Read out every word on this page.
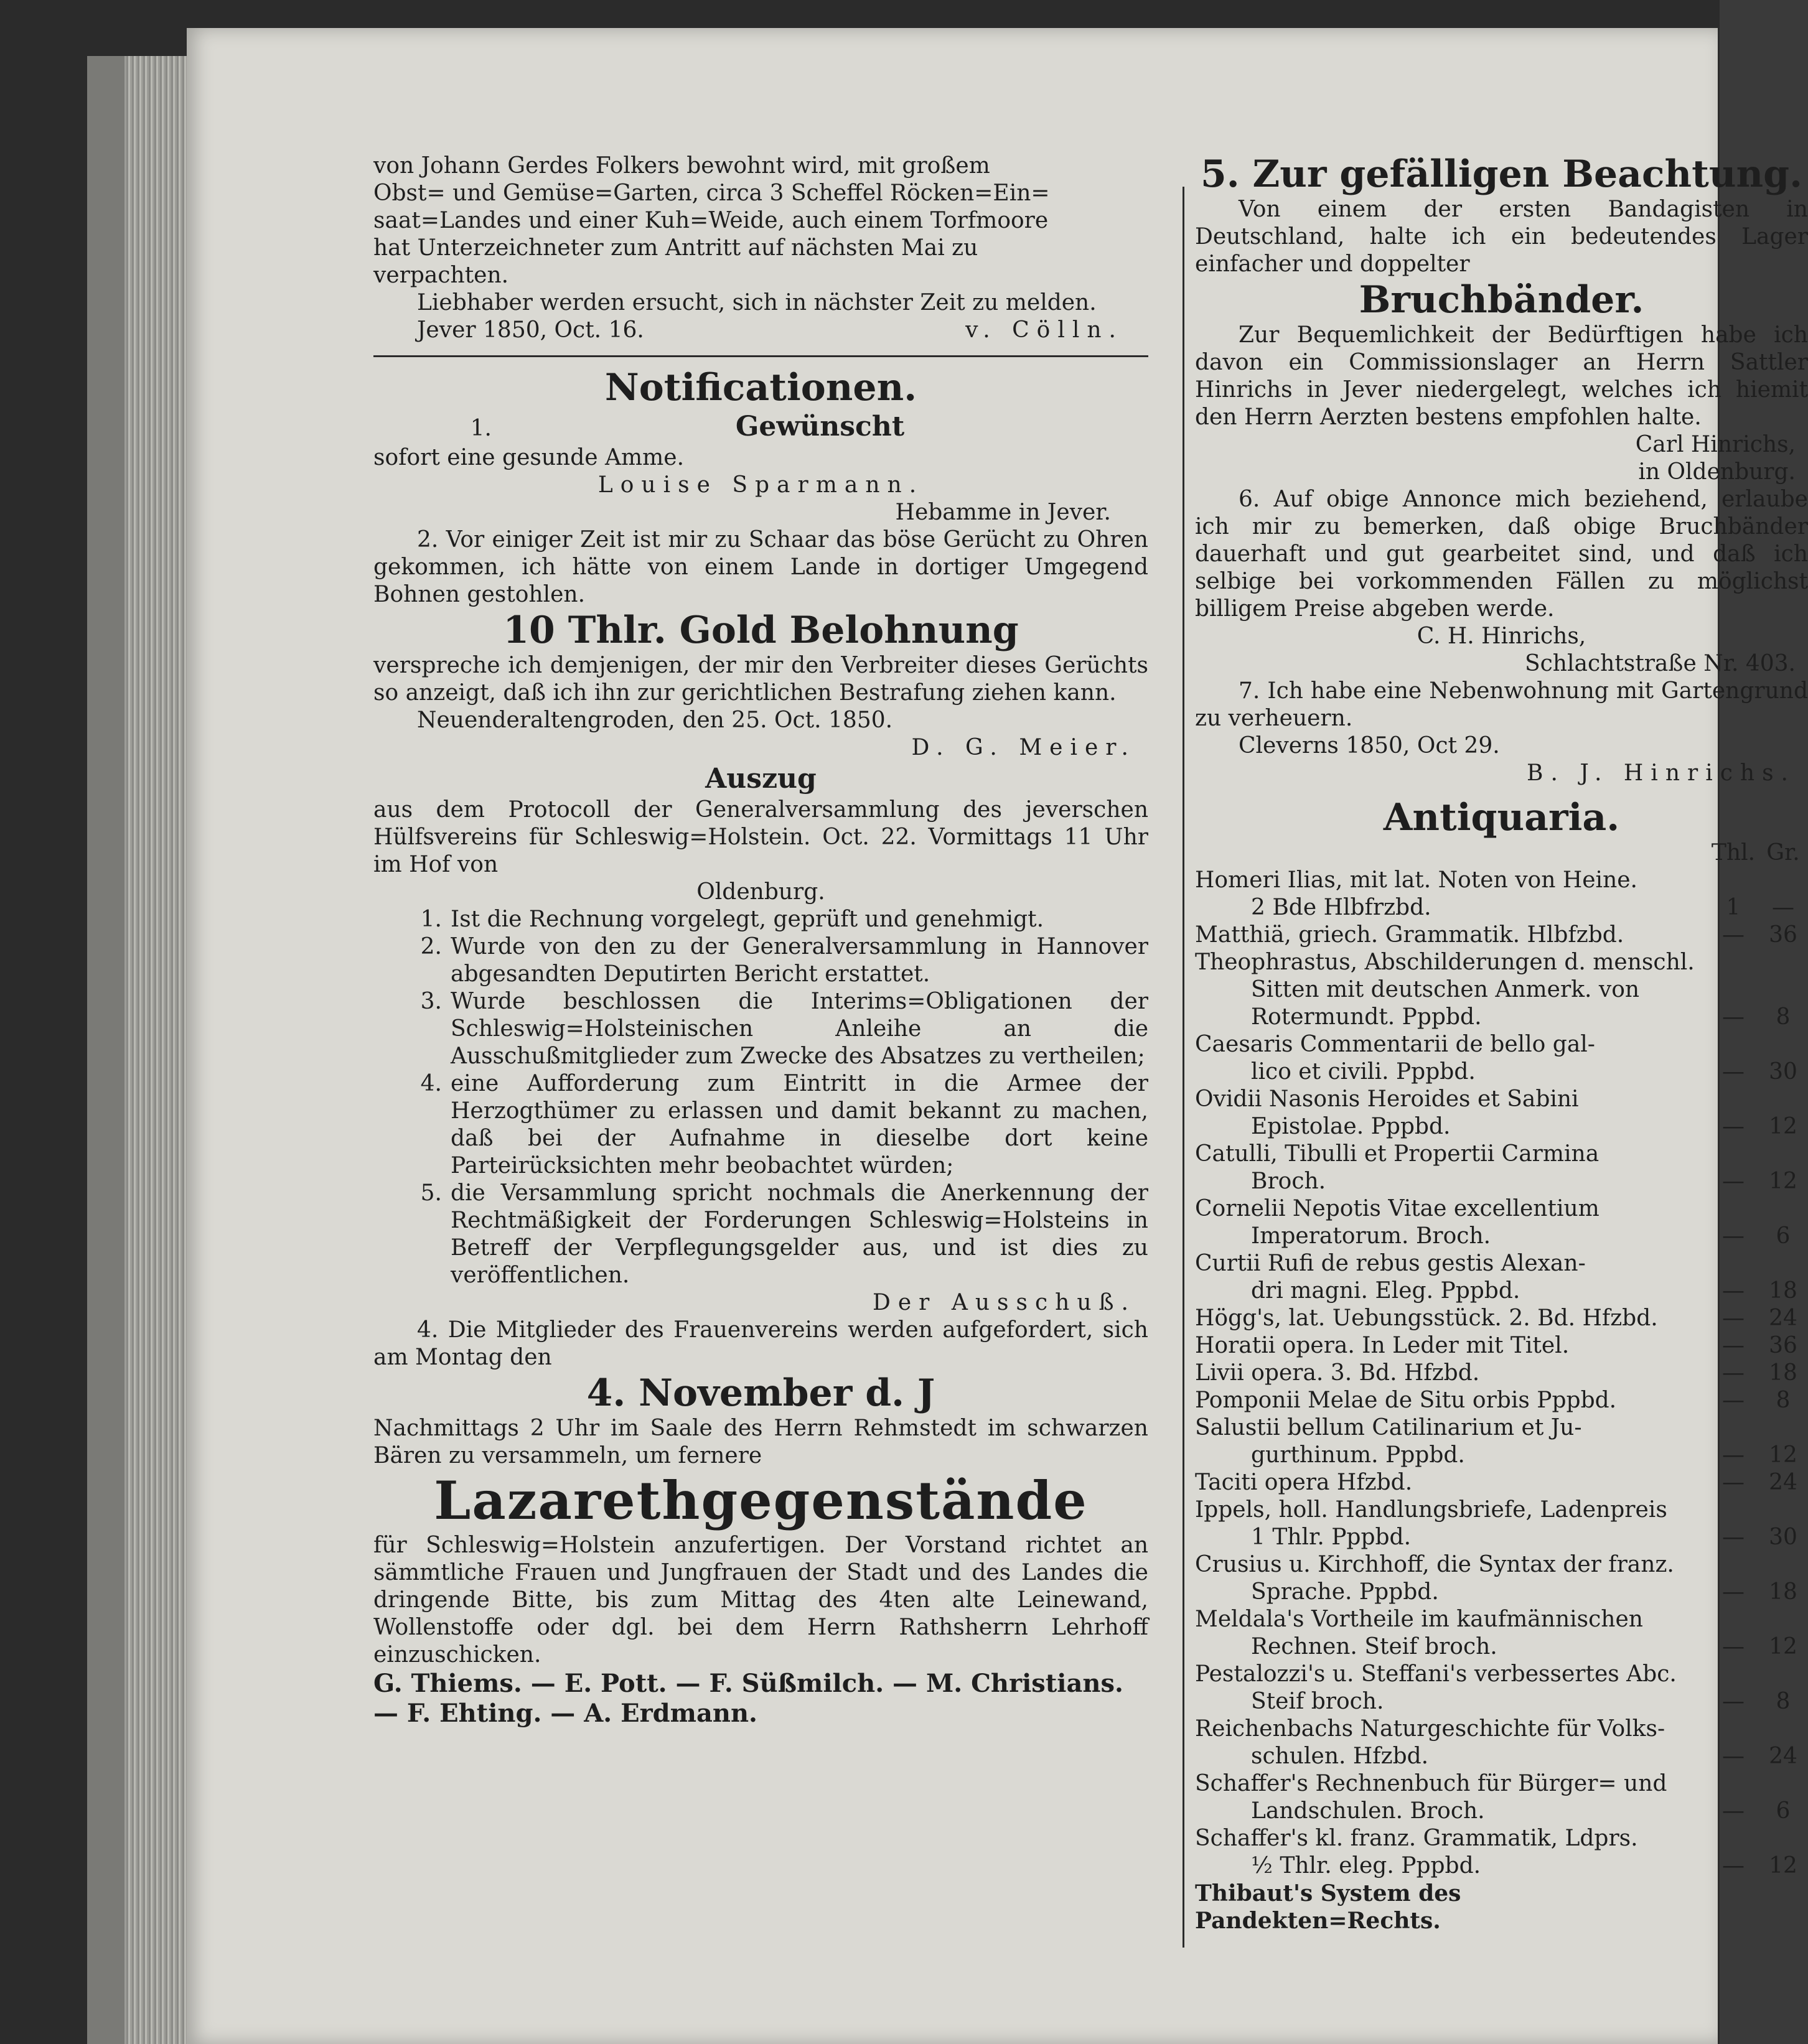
von Johann Gerdes Folkers bewohnt wird, mit großem

Obst= und Gemüse=Garten, circa 3 Scheffel Röcken=Ein=

saat=Landes und einer Kuh=Weide, auch einem Torfmoore

hat Unterzeichneter zum Antritt auf nächsten Mai zu

verpachten.

Liebhaber werden ersucht, sich in nächster Zeit zu melden.

Jever 1850, Oct. 16.	v. Cölln.

Notificationen.
1.	Gewünscht

sofort eine gesunde Amme.

Louise Sparmann.

Hebamme in Jever.

2. Vor einiger Zeit ist mir zu Schaar das böse Gerücht zu Ohren gekommen, ich hätte von einem Lande in dortiger Umgegend Bohnen gestohlen.

10 Thlr. Gold Belohnung

verspreche ich demjenigen, der mir den Verbreiter dieses Gerüchts so anzeigt, daß ich ihn zur gerichtlichen Bestrafung ziehen kann.

Neuenderaltengroden, den 25. Oct. 1850.

D. G. Meier.

Auszug

aus dem Protocoll der Generalversammlung des jeverschen Hülfsvereins für Schleswig=Holstein. Oct. 22. Vormittags 11 Uhr im Hof von

Oldenburg.

1. Ist die Rechnung vorgelegt, geprüft und genehmigt.
2. Wurde von den zu der Generalversammlung in Hannover abgesandten Deputirten Bericht erstattet.
3. Wurde beschlossen die Interims=Obligationen der Schleswig=Holsteinischen Anleihe an die Ausschußmitglieder zum Zwecke des Absatzes zu vertheilen;
4. eine Aufforderung zum Eintritt in die Armee der Herzogthümer zu erlassen und damit bekannt zu machen, daß bei der Aufnahme in dieselbe dort keine Parteirücksichten mehr beobachtet würden;
5. die Versammlung spricht nochmals die Anerkennung der Rechtmäßigkeit der Forderungen Schleswig=Holsteins in Betreff der Verpflegungsgelder aus, und ist dies zu veröffentlichen.

Der Ausschuß.

4. Die Mitglieder des Frauenvereins werden aufgefordert, sich am Montag den

4. November d. J

Nachmittags 2 Uhr im Saale des Herrn Rehmstedt im schwarzen Bären zu versammeln, um fernere

Lazarethgegenstände

für Schleswig=Holstein anzufertigen. Der Vorstand richtet an sämmtliche Frauen und Jungfrauen der Stadt und des Landes die dringende Bitte, bis zum Mittag des 4ten alte Leinewand, Wollenstoffe oder dgl. bei dem Herrn Rathsherrn Lehrhoff einzuschicken.

G. Thiems. — E. Pott. — F. Süßmilch. — M. Christians. — F. Ehting. — A. Erdmann.

5. Zur gefälligen Beachtung.

Von einem der ersten Bandagisten in Deutschland, halte ich ein bedeutendes Lager einfacher und doppelter

Bruchbänder.

Zur Bequemlichkeit der Bedürftigen habe ich davon ein Commissionslager an Herrn Sattler Hinrichs in Jever niedergelegt, welches ich hiemit den Herrn Aerzten bestens empfohlen halte.

Carl Hinrichs,

in Oldenburg.

6. Auf obige Annonce mich beziehend, erlaube ich mir zu bemerken, daß obige Bruchbänder dauerhaft und gut gearbeitet sind, und daß ich selbige bei vorkommenden Fällen zu möglichst billigem Preise abgeben werde.

C. H. Hinrichs,

Schlachtstraße Nr. 403.

7. Ich habe eine Nebenwohnung mit Gartengrund zu verheuern.

Cleverns 1850, Oct 29.

B. J. Hinrichs.

Antiquaria.
Thl. Gr.
Homeri Ilias, mit lat. Noten von Heine.
2 Bde Hlbfrzbd.	1	—
Matthiä, griech. Grammatik. Hlbfzbd.	—	36
Theophrastus, Abschilderungen d. menschl.
Sitten mit deutschen Anmerk. von Rotermundt. Pppbd.	—	8
Caesaris Commentarii de bello gal-
lico et civili. Pppbd.	—	30
Ovidii Nasonis Heroides et Sabini
Epistolae. Pppbd.	—	12
Catulli, Tibulli et Propertii Carmina
Broch.	—	12
Cornelii Nepotis Vitae excellentium
Imperatorum. Broch.	—	6
Curtii Rufi de rebus gestis Alexan-
dri magni. Eleg. Pppbd.	—	18
Högg's, lat. Uebungsstück. 2. Bd. Hfzbd.	—	24
Horatii opera. In Leder mit Titel.	—	36
Livii opera. 3. Bd. Hfzbd.	—	18
Pomponii Melae de Situ orbis Pppbd.	—	8
Salustii bellum Catilinarium et Ju-
gurthinum. Pppbd.	—	12
Taciti opera Hfzbd.	—	24
Ippels, holl. Handlungsbriefe, Ladenpreis
1 Thlr. Pppbd.	—	30
Crusius u. Kirchhoff, die Syntax der franz.
Sprache. Pppbd.	—	18
Meldala's Vortheile im kaufmännischen
Rechnen. Steif broch.	—	12
Pestalozzi's u. Steffani's verbessertes Abc.
Steif broch.	—	8
Reichenbachs Naturgeschichte für Volks-
schulen. Hfzbd.	—	24
Schaffer's Rechnenbuch für Bürger= und
Landschulen. Broch.	—	6
Schaffer's kl. franz. Grammatik, Ldprs.
½ Thlr. eleg. Pppbd.	—	12
Thibaut's System des Pandekten=Rechts.
